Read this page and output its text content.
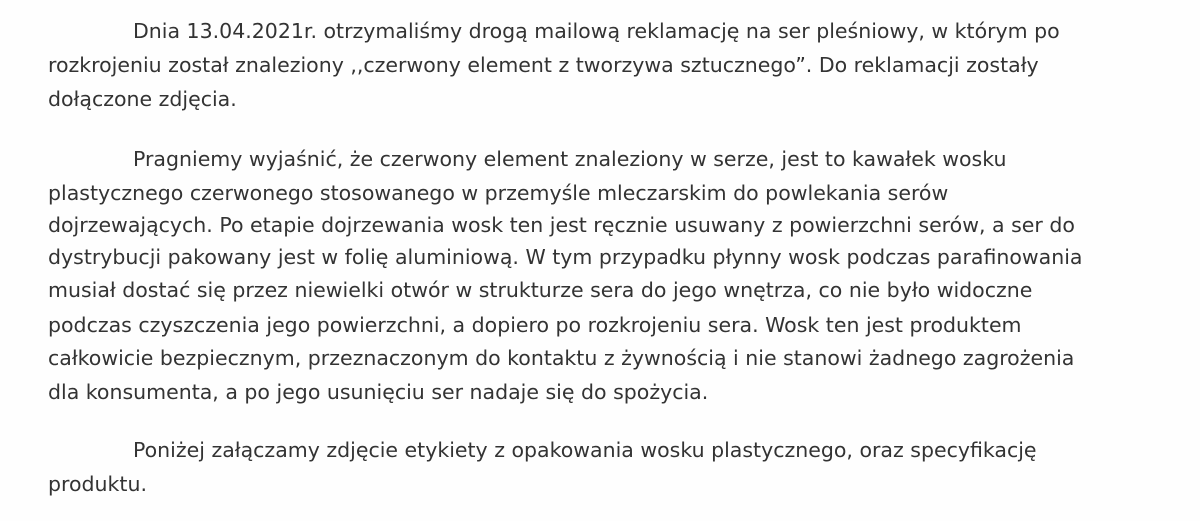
Dnia 13.04.2021r. otrzymaliśmy drogą mailową reklamację na ser pleśniowy, w którym po
rozkrojeniu został znaleziony ,,czerwony element z tworzywa sztucznego”. Do reklamacji zostały
dołączone zdjęcia.
Pragniemy wyjaśnić, że czerwony element znaleziony w serze, jest to kawałek wosku
plastycznego czerwonego stosowanego w przemyśle mleczarskim do powlekania serów
dojrzewających. Po etapie dojrzewania wosk ten jest ręcznie usuwany z powierzchni serów, a ser do
dystrybucji pakowany jest w folię aluminiową. W tym przypadku płynny wosk podczas parafinowania
musiał dostać się przez niewielki otwór w strukturze sera do jego wnętrza, co nie było widoczne
podczas czyszczenia jego powierzchni, a dopiero po rozkrojeniu sera. Wosk ten jest produktem
całkowicie bezpiecznym, przeznaczonym do kontaktu z żywnością i nie stanowi żadnego zagrożenia
dla konsumenta, a po jego usunięciu ser nadaje się do spożycia.
Poniżej załączamy zdjęcie etykiety z opakowania wosku plastycznego, oraz specyfikację
produktu.
